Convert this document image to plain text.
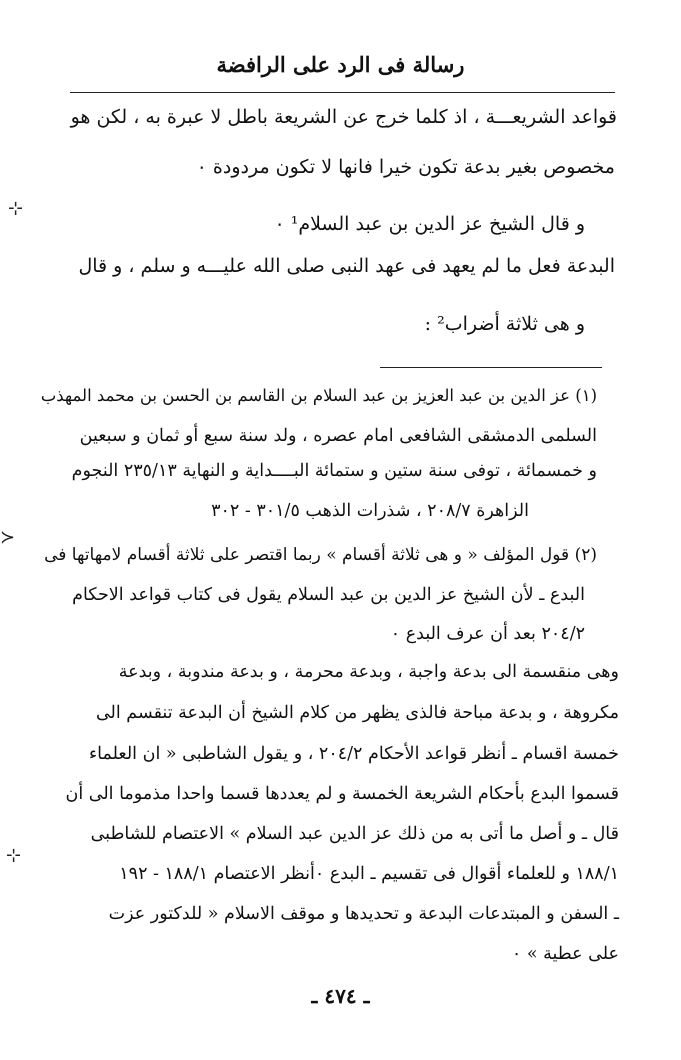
رسالة فى الرد على الرافضة
⊹
≻
⊹
قواعد الشريعـــة ، اذ كلما خرج عن الشريعة باطل لا عبرة به ، لكن هو
مخصوص بغير بدعة تكون خيرا فانها لا تكون مردودة ٠
و قال الشيخ عز الدين بن عبد السلام¹ ٠
البدعة فعل ما لم يعهد فى عهد النبى صلى الله عليـــه و سلم ، و قال
و هى ثلاثة أضراب² :
(١) عز الدين بن عبد العزيز بن عبد السلام بن القاسم بن الحسن بن محمد المهذب
السلمى الدمشقى الشافعى امام عصره ، ولد سنة سبع أو ثمان و سبعين
و خمسمائة ، توفى سنة ستين و ستمائة البــــداية و النهاية ٢٣٥/١٣ النجوم
الزاهرة ٢٠٨/٧ ، شذرات الذهب ٣٠١/٥ - ٣٠٢
(٢) قول المؤلف « و هى ثلاثة أقسام » ربما اقتصر على ثلاثة أقسام لامهاتها فى
البدع ـ لأن الشيخ عز الدين بن عبد السلام يقول فى كتاب قواعد الاحكام
٢٠٤/٢ بعد أن عرف البدع ٠
وهى منقسمة الى بدعة واجبة ، وبدعة محرمة ، و بدعة مندوبة ، وبدعة
مكروهة ، و بدعة مباحة فالذى يظهر من كلام الشيخ أن البدعة تنقسم الى
خمسة اقسام ـ أنظر قواعد الأحكام ٢٠٤/٢ ، و يقول الشاطبى « ان العلماء
قسموا البدع بأحكام الشريعة الخمسة و لم يعددها قسما واحدا مذموما الى أن
قال ـ و أصل ما أتى به من ذلك عز الدين عبد السلام » الاعتصام للشاطبى
١٨٨/١ و للعلماء أقوال فى تقسيم ـ البدع ٠أنظر الاعتصام ١٨٨/١ - ١٩٢
ـ السفن و المبتدعات البدعة و تحديدها و موقف الاسلام « للدكتور عزت
على عطية » ٠
ـ ٤٧٤ ـ
